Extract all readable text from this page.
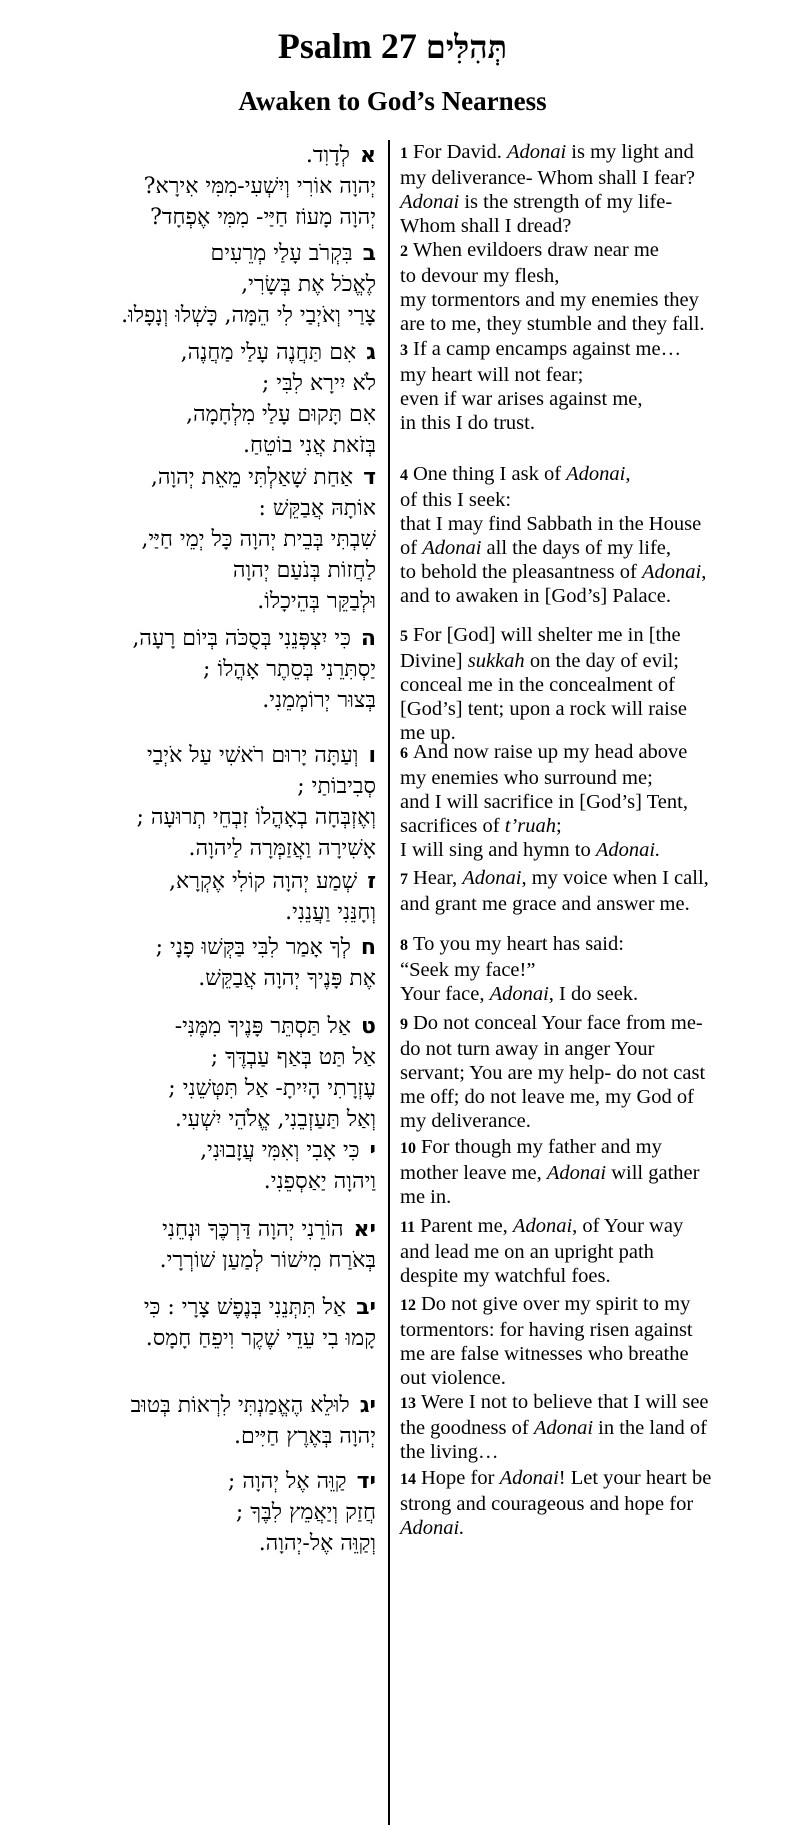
Psalm 27 תְּהִלִּים
Awaken to God’s Nearness
אלְדָוִד.
יְהוָה אוֹרִי וְיִשְׁעִי-מִמִּי אִירָא?
יְהוָה מָעוֹז חַיַּי- מִמִּי אֶפְחָד?
1 For David. Adonai is my light and
my deliverance- Whom shall I fear?
Adonai is the strength of my life-
Whom shall I dread?
בבִּקְרֹב עָלַי מְרֵעִים
לֶאֱכֹל אֶת בְּשָׂרִי,
צָרַי וְאֹיְבַי לִי הֵמָּה, כָּשְׁלוּ וְנָפָלוּ.
2 When evildoers draw near me
to devour my flesh,
my tormentors and my enemies they
are to me, they stumble and they fall.
גאִם תַּחֲנֶה עָלַי מַחֲנֶה,
לֹא יִירָא לִבִּי ;
אִם תָּקוּם עָלַי מִלְחָמָה,
בְּזֹאת אֲנִי בוֹטֵחַ.
3 If a camp encamps against me…
my heart will not fear;
even if war arises against me,
in this I do trust.
דאַחַת שָׁאַלְתִּי מֵאֵת יְהוָה,
אוֹתָהּ אֲבַקֵּשׁ :
שִׁבְתִּי בְּבֵית יְהוָה כָּל יְמֵי חַיַּי,
לַחֲזוֹת בְּנֹעַם יְהוָה
וּלְבַקֵּר בְּהֵיכָלוֹ.
4 One thing I ask of Adonai,
of this I seek:
that I may find Sabbath in the House
of Adonai all the days of my life,
to behold the pleasantness of Adonai,
and to awaken in [God’s] Palace.
הכִּי יִצְפְּנֵנִי בְּסֻכֹּה בְּיוֹם רָעָה,
יַסְתִּרֵנִי בְּסֵתֶר אָהֳלוֹ ;
בְּצוּר יְרוֹמְמֵנִי.
5 For [God] will shelter me in [the
Divine] sukkah on the day of evil;
conceal me in the concealment of
[God’s] tent; upon a rock will raise
me up.
ווְעַתָּה יָרוּם רֹאשִׁי עַל אֹיְבַי
סְבִיבוֹתַי ;
וְאֶזְבְּחָה בְאָהֳלוֹ זִבְחֵי תְרוּעָה ;
אָשִׁירָה וַאֲזַמְּרָה לַיהוָה.
6 And now raise up my head above
my enemies who surround me;
and I will sacrifice in [God’s] Tent,
sacrifices of t’ruah;
I will sing and hymn to Adonai.
זשְׁמַע יְהוָה קוֹלִי אֶקְרָא,
וְחָנֵּנִי וַעֲנֵנִי.
7 Hear, Adonai, my voice when I call,
and grant me grace and answer me.
חלְךָ אָמַר לִבִּי בַּקְּשׁוּ פָנָי ;
אֶת פָּנֶיךָ יְהוָה אֲבַקֵּשׁ.
8 To you my heart has said:
“Seek my face!”
Your face, Adonai, I do seek.
טאַל תַּסְתֵּר פָּנֶיךָ מִמֶּנִּי-
אַל תַּט בְּאַף עַבְדֶּךָ ;
עֶזְרָתִי הָיִיתָ- אַל תִּטְּשֵׁנִי ;
וְאַל תַּעַזְבֵנִי, אֱלֹהֵי יִשְׁעִי.
9 Do not conceal Your face from me-
do not turn away in anger Your
servant; You are my help- do not cast
me off; do not leave me, my God of
my deliverance.
יכִּי אָבִי וְאִמִּי עֲזָבוּנִי,
וַיהוָה יַאַסְפֵנִי.
10 For though my father and my
mother leave me, Adonai will gather
me in.
יאהוֹרֵנִי יְהוָה דַּרְכֶּךָ וּנְחֵנִי
בְּאֹרַח מִישׁוֹר לְמַעַן שׁוֹרְרָי.
11 Parent me, Adonai, of Your way
and lead me on an upright path
despite my watchful foes.
יבאַל תִּתְּנֵנִי בְּנֶפֶשׁ צָרָי : כִּי
קָמוּ בִי עֵדֵי שֶׁקֶר וִיפֵחַ חָמָס.
12 Do not give over my spirit to my
tormentors: for having risen against
me are false witnesses who breathe
out violence.
יגלוּלֵא הֶאֱמַנְתִּי לִרְאוֹת בְּטוּב
יְהוָה בְּאֶרֶץ חַיִּים.
13 Were I not to believe that I will see
the goodness of Adonai in the land of
the living…
ידקַוֵּה אֶל יְהוָה ;
חֲזַק וְיַאֲמֵץ לִבֶּךָ ;
וְקַוֵּה אֶל-יְהוָה.
14 Hope for Adonai! Let your heart be
strong and courageous and hope for
Adonai.
